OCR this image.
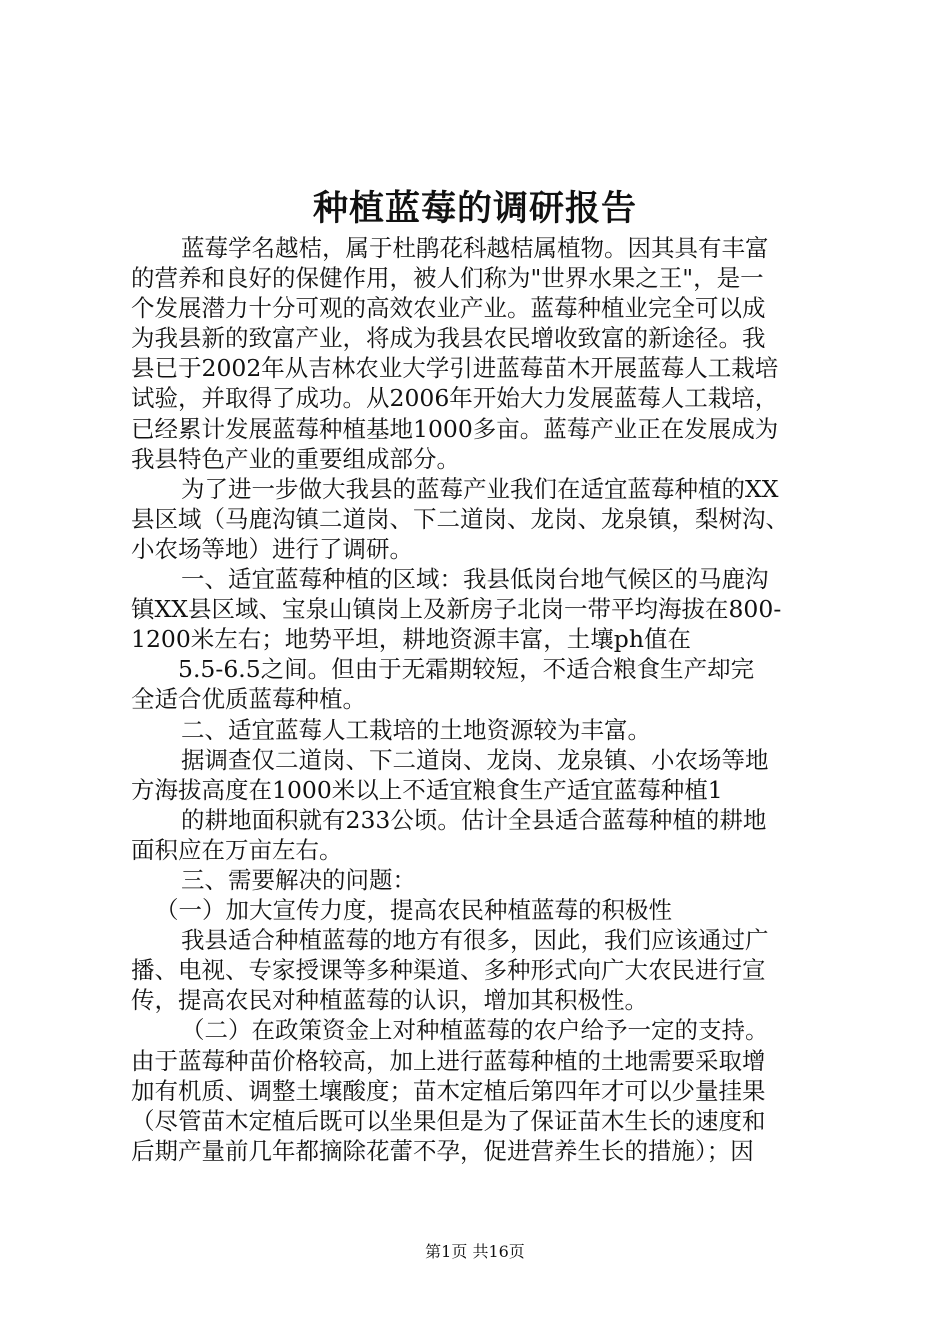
种植蓝莓的调研报告
蓝莓学名越桔，属于杜鹃花科越桔属植物。因其具有丰富
的营养和良好的保健作用，被人们称为"世界水果之王"，是一
个发展潜力十分可观的高效农业产业。蓝莓种植业完全可以成
为我县新的致富产业，将成为我县农民增收致富的新途径。我
县已于2002年从吉林农业大学引进蓝莓苗木开展蓝莓人工栽培
试验，并取得了成功。从2006年开始大力发展蓝莓人工栽培，
已经累计发展蓝莓种植基地1000多亩。蓝莓产业正在发展成为
我县特色产业的重要组成部分。
为了进一步做大我县的蓝莓产业我们在适宜蓝莓种植的XX
县区域（马鹿沟镇二道岗、下二道岗、龙岗、龙泉镇，梨树沟、
小农场等地）进行了调研。
一、适宜蓝莓种植的区域：我县低岗台地气候区的马鹿沟
镇XX县区域、宝泉山镇岗上及新房子北岗一带平均海拔在800-
1200米左右；地势平坦，耕地资源丰富，土壤ph值在
5.5-6.5之间。但由于无霜期较短，不适合粮食生产却完
全适合优质蓝莓种植。
二、适宜蓝莓人工栽培的土地资源较为丰富。
据调查仅二道岗、下二道岗、龙岗、龙泉镇、小农场等地
方海拔高度在1000米以上不适宜粮食生产适宜蓝莓种植1
的耕地面积就有233公顷。估计全县适合蓝莓种植的耕地
面积应在万亩左右。
三、需要解决的问题：
（一）加大宣传力度，提高农民种植蓝莓的积极性
我县适合种植蓝莓的地方有很多，因此，我们应该通过广
播、电视、专家授课等多种渠道、多种形式向广大农民进行宣
传，提高农民对种植蓝莓的认识，增加其积极性。
（二）在政策资金上对种植蓝莓的农户给予一定的支持。
由于蓝莓种苗价格较高，加上进行蓝莓种植的土地需要采取增
加有机质、调整土壤酸度；苗木定植后第四年才可以少量挂果
（尽管苗木定植后既可以坐果但是为了保证苗木生长的速度和
后期产量前几年都摘除花蕾不孕，促进营养生长的措施）；因
第1页 共16页
